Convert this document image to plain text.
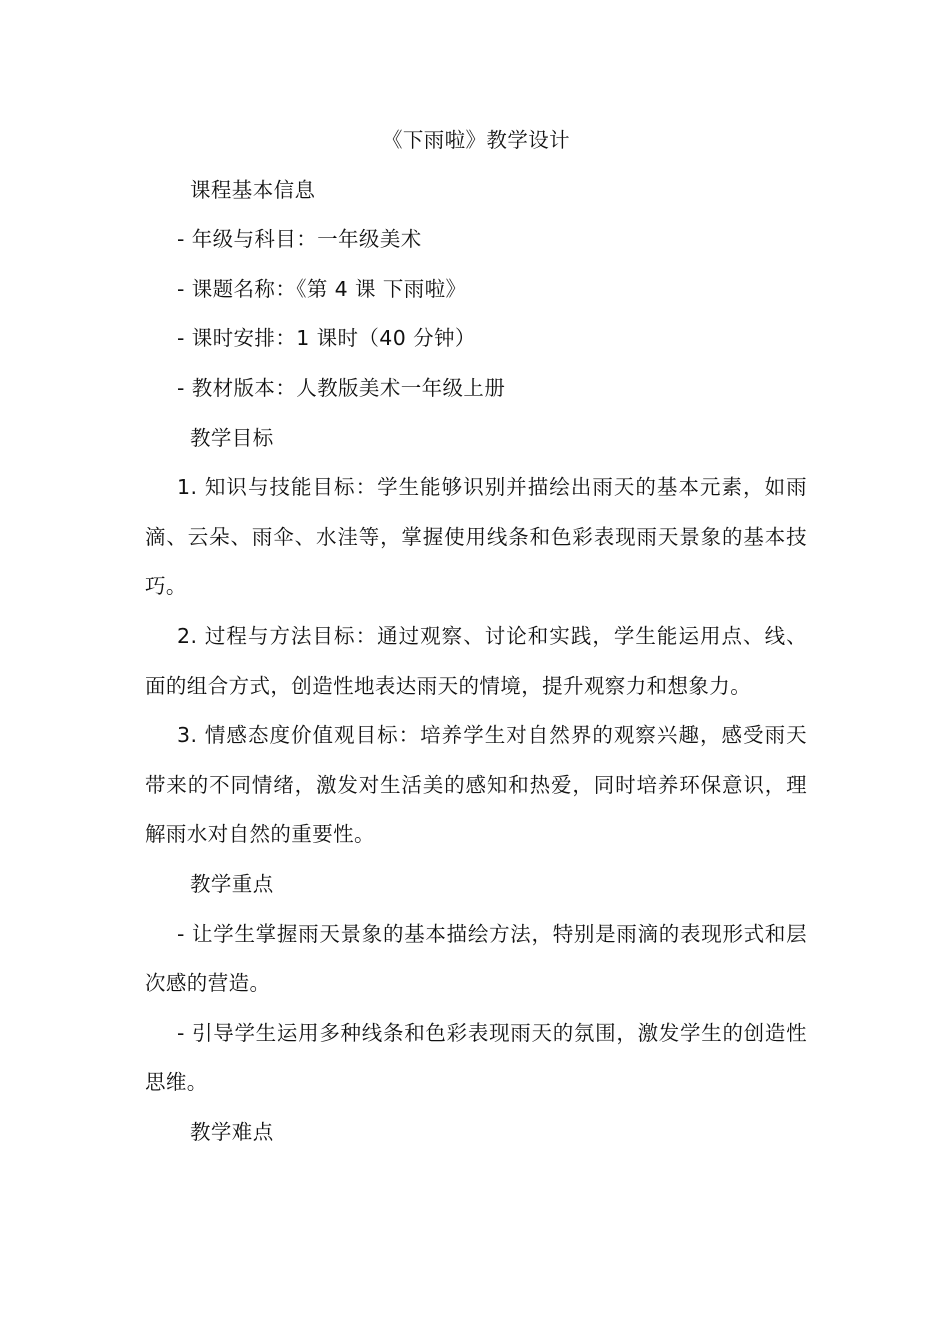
《下雨啦》教学设计

课程基本信息

- 年级与科目：一年级美术

- 课题名称：《第 4 课 下雨啦》

- 课时安排：1 课时（40 分钟）

- 教材版本：人教版美术一年级上册

教学目标

1. 知识与技能目标：学生能够识别并描绘出雨天的基本元素，如雨滴、云朵、雨伞、水洼等，掌握使用线条和色彩表现雨天景象的基本技巧。

2. 过程与方法目标：通过观察、讨论和实践，学生能运用点、线、面的组合方式，创造性地表达雨天的情境，提升观察力和想象力。

3. 情感态度价值观目标：培养学生对自然界的观察兴趣，感受雨天带来的不同情绪，激发对生活美的感知和热爱，同时培养环保意识，理解雨水对自然的重要性。

教学重点

- 让学生掌握雨天景象的基本描绘方法，特别是雨滴的表现形式和层次感的营造。

- 引导学生运用多种线条和色彩表现雨天的氛围，激发学生的创造性思维。

教学难点
